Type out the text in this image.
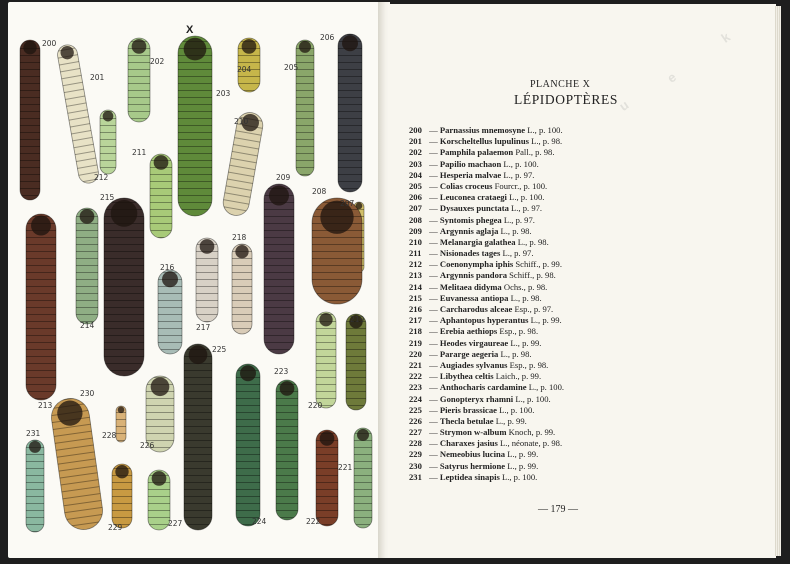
200
201
202
203
204	205
206
207
208
209
210
211
212
213
214
215
216
217
218
219
220
221
222
223
224
225
226
227
228
229
230
231
X
PLANCHE X
LÉPIDOPTÈRES
200 — Parnassius mnemosyne L., p. 100.
201 — Korscheltellus lupulinus L., p. 98.
202 — Pamphila palaemon Pall., p. 98.
203 — Papilio machaon L., p. 100.
204 — Hesperia malvae L., p. 97.
205 — Colias croceus Fourcr., p. 100.
206 — Leuconea crataegi L., p. 100.
207 — Dysauxes punctata L., p. 97.
208 — Syntomis phegea L., p. 97.
209 — Argynnis aglaja L., p. 98.
210 — Melanargia galathea L., p. 98.
211 — Nisionades tages L., p. 97.
212 — Coenonympha iphis Schiff., p. 99.
213 — Argynnis pandora Schiff., p. 98.
214 — Melitaea didyma Ochs., p. 98.
215 — Euvanessa antiopa L., p. 98.
216 — Carcharodus alceae Esp., p. 97.
217 — Aphantopus hyperantus L., p. 99.
218 — Erebia aethiops Esp., p. 98.
219 — Heodes virgaureae L., p. 99.
220 — Pararge aegeria L., p. 98.
221 — Augiades sylvanus Esp., p. 98.
222 — Libythea celtis Laich., p. 99.
223 — Anthocharis cardamine L., p. 100.
224 — Gonopteryx rhamni L., p. 100.
225 — Pieris brassicae L., p. 100.
226 — Thecla betulae L., p. 99.
227 — Strymon w-album Knoch, p. 99.
228 — Charaxes jasius L., néonate, p. 98.
229 — Nemeobius lucina L., p. 99.
230 — Satyrus hermione L., p. 99.
231 — Leptidea sinapis L., p. 100.
— 179 —
e
k
u
